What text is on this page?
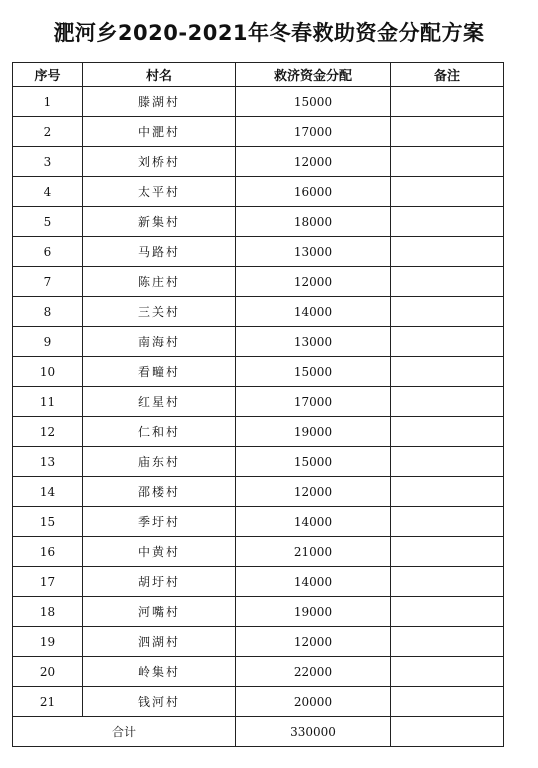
淝河乡2020-2021年冬春救助资金分配方案
序号	村名	救济资金分配	备注
1	滕湖村	15000	
2	中淝村	17000	
3	刘桥村	12000	
4	太平村	16000	
5	新集村	18000	
6	马路村	13000	
7	陈庄村	12000	
8	三关村	14000	
9	南海村	13000	
10	看疃村	15000	
11	红星村	17000	
12	仁和村	19000	
13	庙东村	15000	
14	邵楼村	12000	
15	季圩村	14000	
16	中黄村	21000	
17	胡圩村	14000	
18	河嘴村	19000	
19	泗湖村	12000	
20	岭集村	22000	
21	钱河村	20000	
合计		330000	
